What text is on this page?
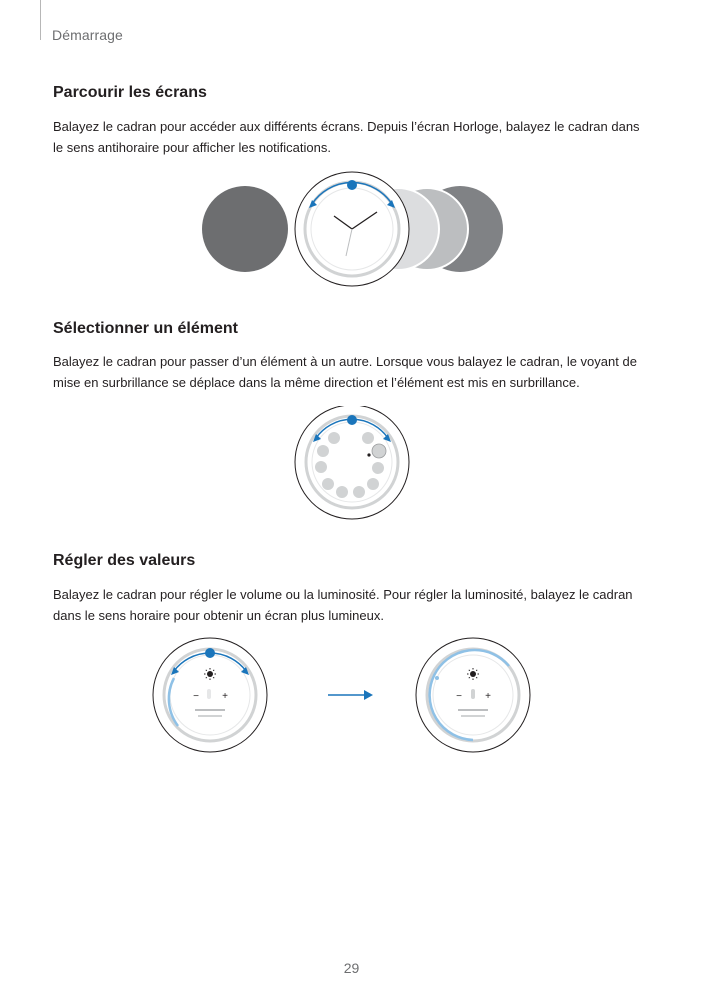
Démarrage
Parcourir les écrans

Balayez le cadran pour accéder aux différents écrans. Depuis l’écran Horloge, balayez le cadran dans le sens antihoraire pour afficher les notifications.

Sélectionner un élément

Balayez le cadran pour passer d’un élément à un autre. Lorsque vous balayez le cadran, le voyant de mise en surbrillance se déplace dans la même direction et l’élément est mis en surbrillance.

Régler des valeurs

Balayez le cadran pour régler le volume ou la luminosité. Pour régler la luminosité, balayez le cadran dans le sens horaire pour obtenir un écran plus lumineux.

− +	− +
29
